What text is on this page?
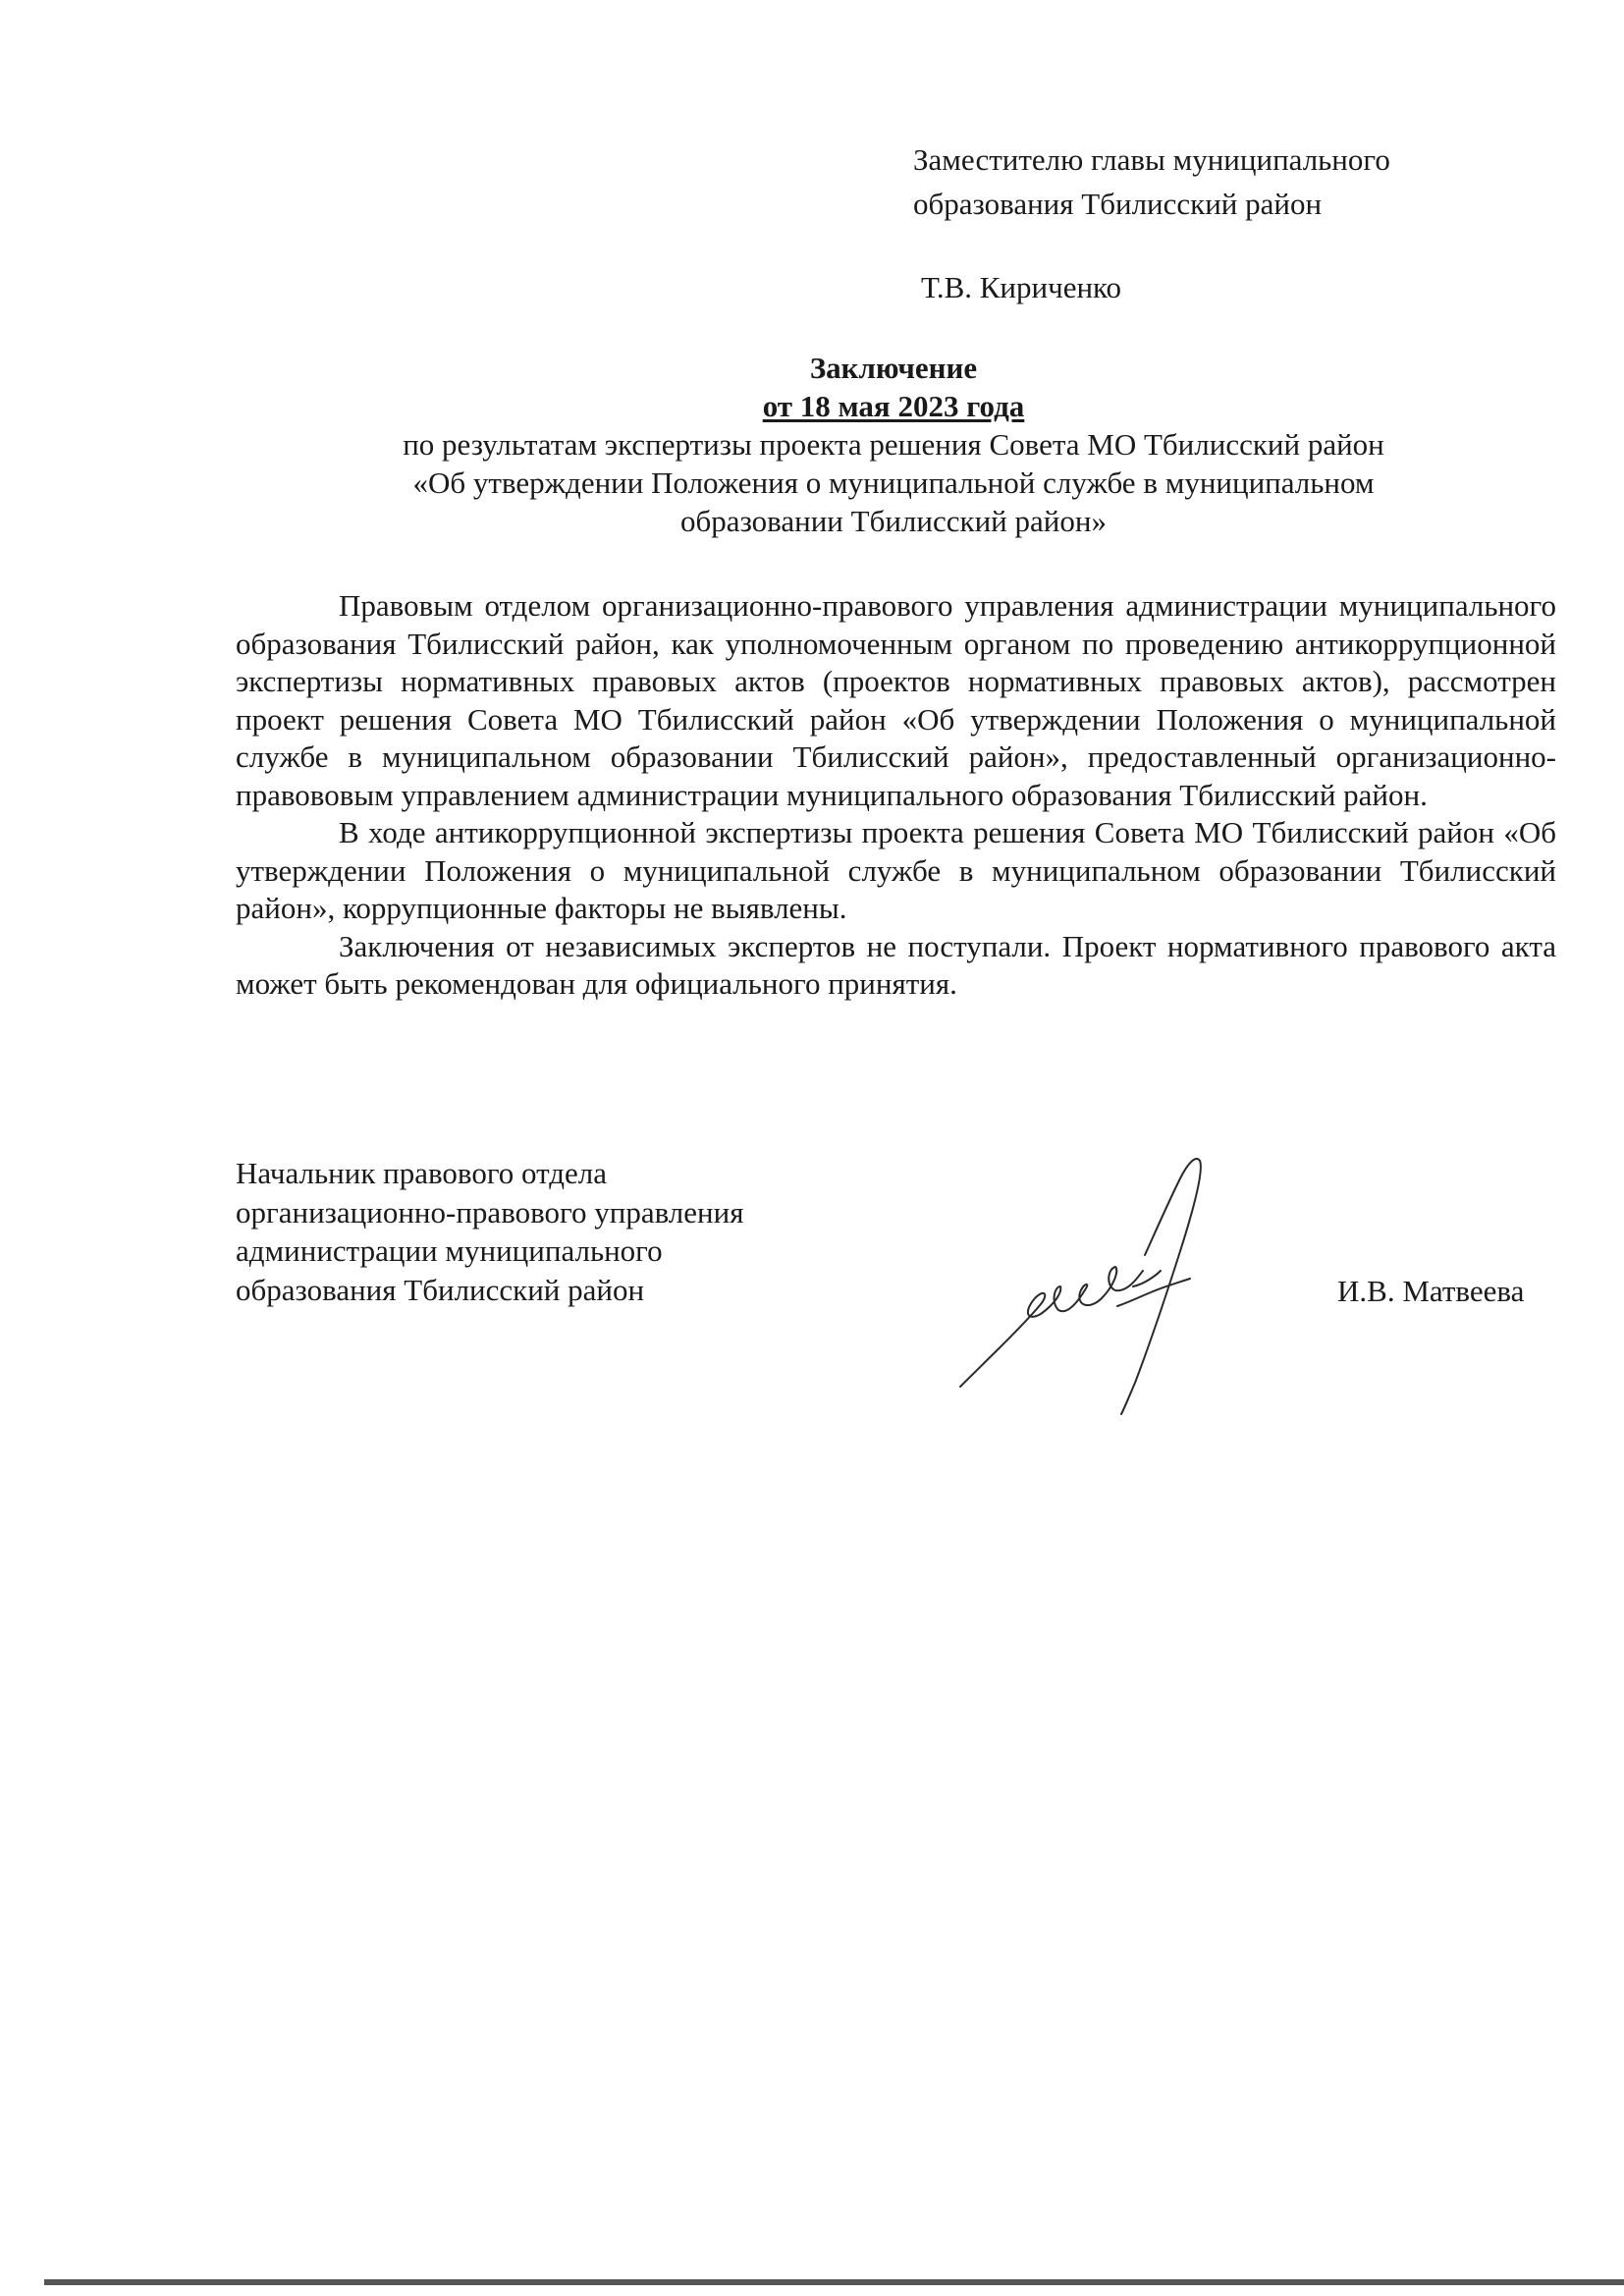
Заместителю главы муниципального
образования Тбилисский район
Т.В. Кириченко
Заключение
от 18 мая 2023 года
по результатам экспертизы проекта решения Совета МО Тбилисский район
«Об утверждении Положения о муниципальной службе в муниципальном
образовании Тбилисский район»

Правовым отделом организационно-правового управления администрации муниципального образования Тбилисский район, как уполномоченным органом по проведению антикоррупционной экспертизы нормативных правовых актов (проектов нормативных правовых актов), рассмотрен проект решения Совета МО Тбилисский район «Об утверждении Положения о муниципальной службе в муниципальном образовании Тбилисский район», предоставленный организационно-правововым управлением администрации муниципального образования Тбилисский район.

В ходе антикоррупционной экспертизы проекта решения Совета МО Тбилисский район «Об утверждении Положения о муниципальной службе в муниципальном образовании Тбилисский район», коррупционные факторы не выявлены.

Заключения от независимых экспертов не поступали. Проект нормативного правового акта может быть рекомендован для официального принятия.

Начальник правового отдела
организационно-правового управления
администрации муниципального
образования Тбилисский район	И.В. Матвеева
